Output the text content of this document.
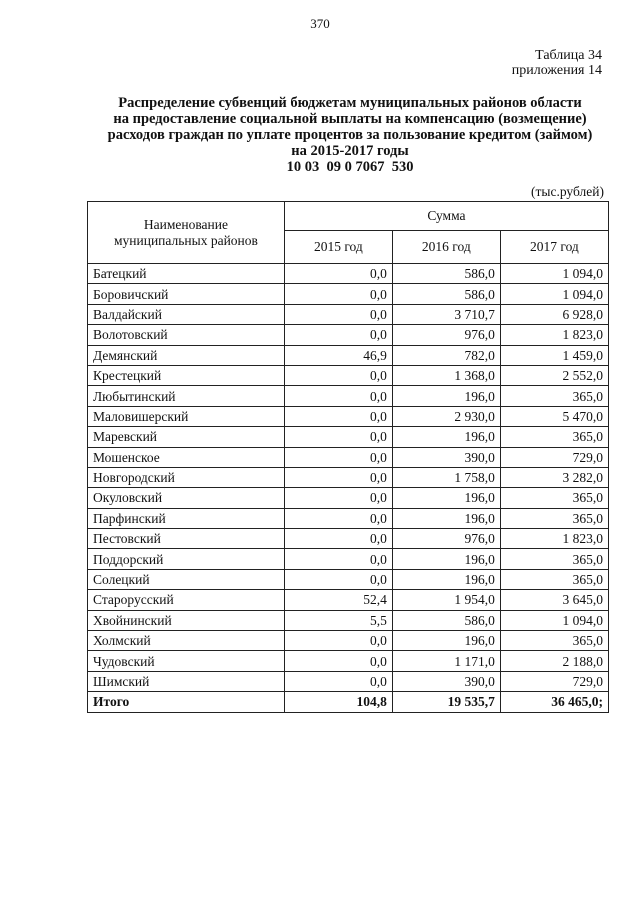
370
Таблица 34
приложения 14
Распределение субвенций бюджетам муниципальных районов области
на предоставление социальной выплаты на компенсацию (возмещение)
расходов граждан по уплате процентов за пользование кредитом (займом)
на 2015-2017 годы
10 03  09 0 7067  530
(тыс.рублей)
Наименование
муниципальных районов	Сумма		
	2015 год	2016 год	2017 год
Батецкий	0,0	586,0	1 094,0
Боровичский	0,0	586,0	1 094,0
Валдайский	0,0	3 710,7	6 928,0
Волотовский	0,0	976,0	1 823,0
Демянский	46,9	782,0	1 459,0
Крестецкий	0,0	1 368,0	2 552,0
Любытинский	0,0	196,0	365,0
Маловишерский	0,0	2 930,0	5 470,0
Маревский	0,0	196,0	365,0
Мошенское	0,0	390,0	729,0
Новгородский	0,0	1 758,0	3 282,0
Окуловский	0,0	196,0	365,0
Парфинский	0,0	196,0	365,0
Пестовский	0,0	976,0	1 823,0
Поддорский	0,0	196,0	365,0
Солецкий	0,0	196,0	365,0
Старорусский	52,4	1 954,0	3 645,0
Хвойнинский	5,5	586,0	1 094,0
Холмский	0,0	196,0	365,0
Чудовский	0,0	1 171,0	2 188,0
Шимский	0,0	390,0	729,0
Итого	104,8	19 535,7	36 465,0;
